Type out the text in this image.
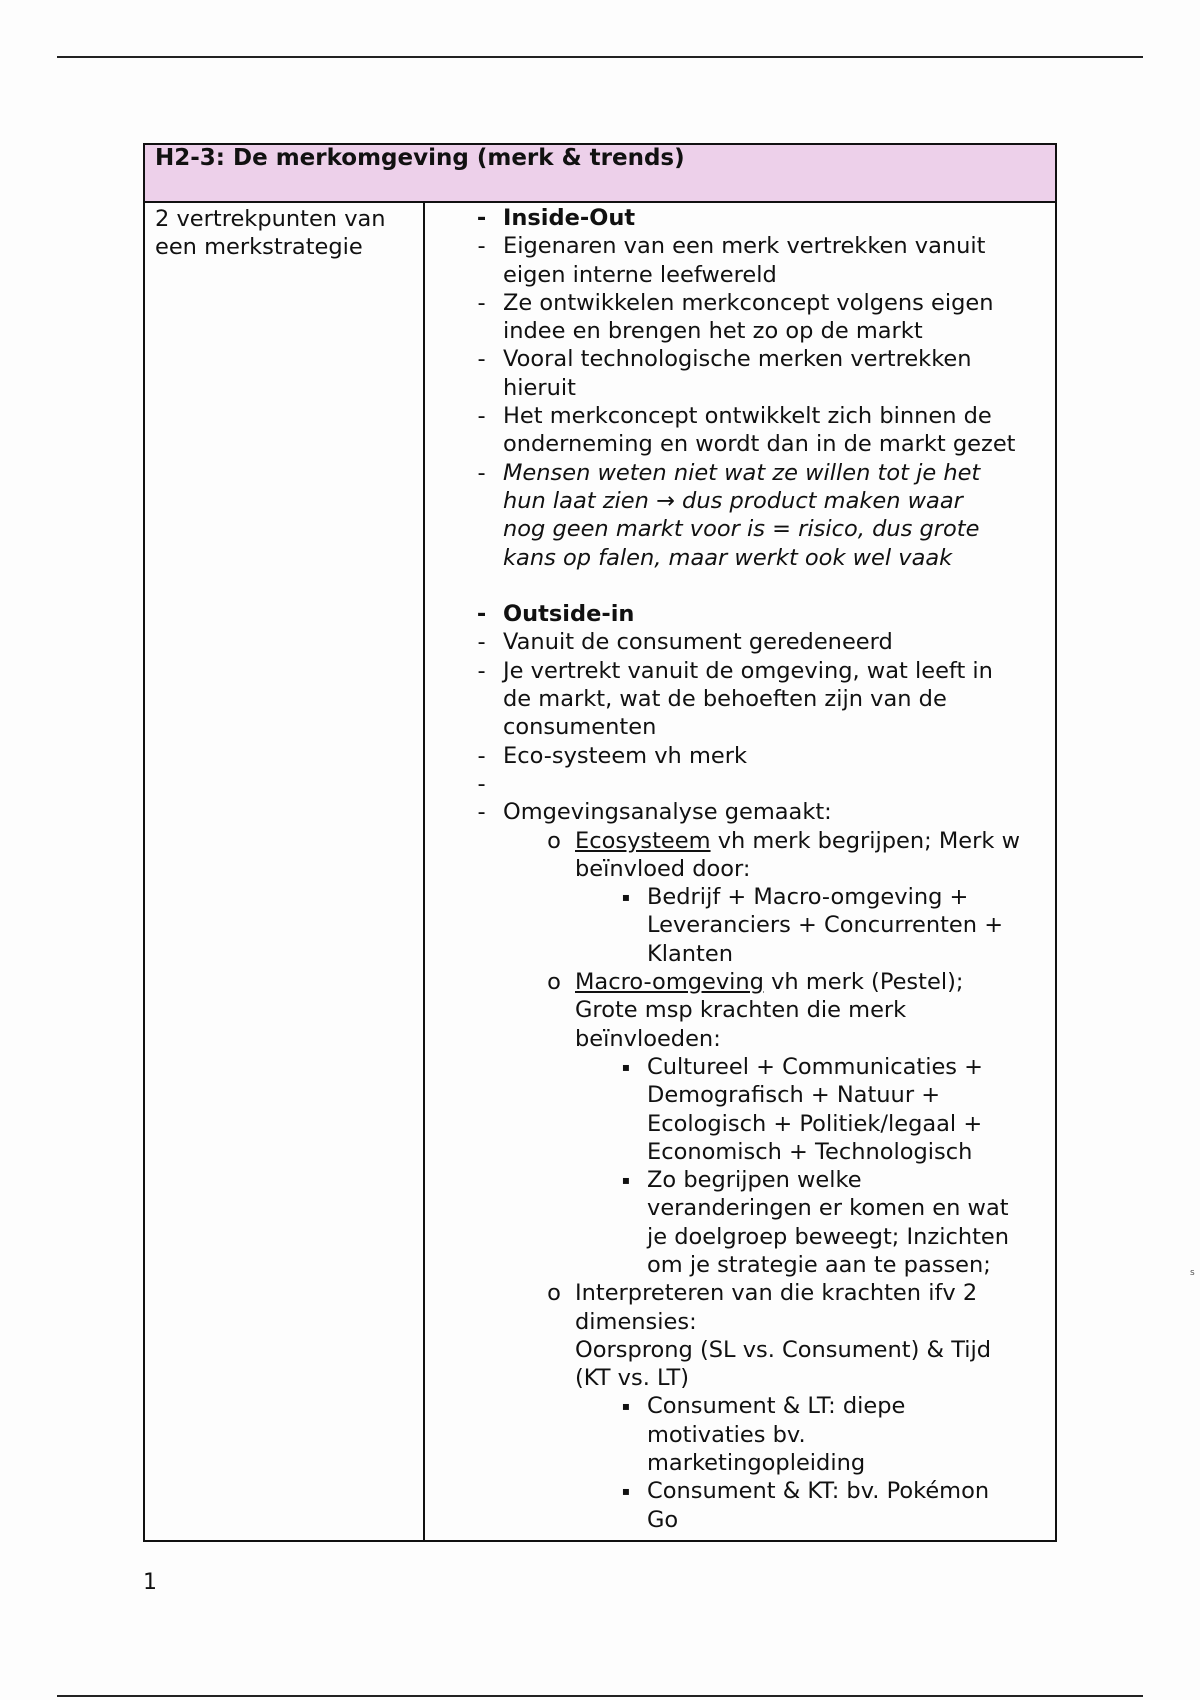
H2-3: De merkomgeving (merk & trends)

2 vertrekpunten van
een merkstrategie

- Inside-Out
- Eigenaren van een merk vertrekken vanuit
eigen interne leefwereld
- Ze ontwikkelen merkconcept volgens eigen
indee en brengen het zo op de markt
- Vooral technologische merken vertrekken
hieruit
- Het merkconcept ontwikkelt zich binnen de
onderneming en wordt dan in de markt gezet
- Mensen weten niet wat ze willen tot je het
hun laat zien → dus product maken waar
nog geen markt voor is = risico, dus grote
kans op falen, maar werkt ook wel vaak
- Outside-in
- Vanuit de consument geredeneerd
- Je vertrekt vanuit de omgeving, wat leeft in
de markt, wat de behoeften zijn van de
consumenten
- Eco-systeem vh merk
-
- Omgevingsanalyse gemaakt:
o Ecosysteem vh merk begrijpen; Merk w
beïnvloed door:
▪ Bedrijf + Macro-omgeving +
Leveranciers + Concurrenten +
Klanten
o Macro-omgeving vh merk (Pestel);
Grote msp krachten die merk
beïnvloeden:
▪ Cultureel + Communicaties +
Demografisch + Natuur +
Ecologisch + Politiek/legaal +
Economisch + Technologisch
▪ Zo begrijpen welke
veranderingen er komen en wat
je doelgroep beweegt; Inzichten
om je strategie aan te passen;
o Interpreteren van die krachten ifv 2
dimensies:
Oorsprong (SL vs. Consument) & Tijd
(KT vs. LT)
▪ Consument & LT: diepe
motivaties bv.
marketingopleiding
▪ Consument & KT: bv. Pokémon
Go
1
s
